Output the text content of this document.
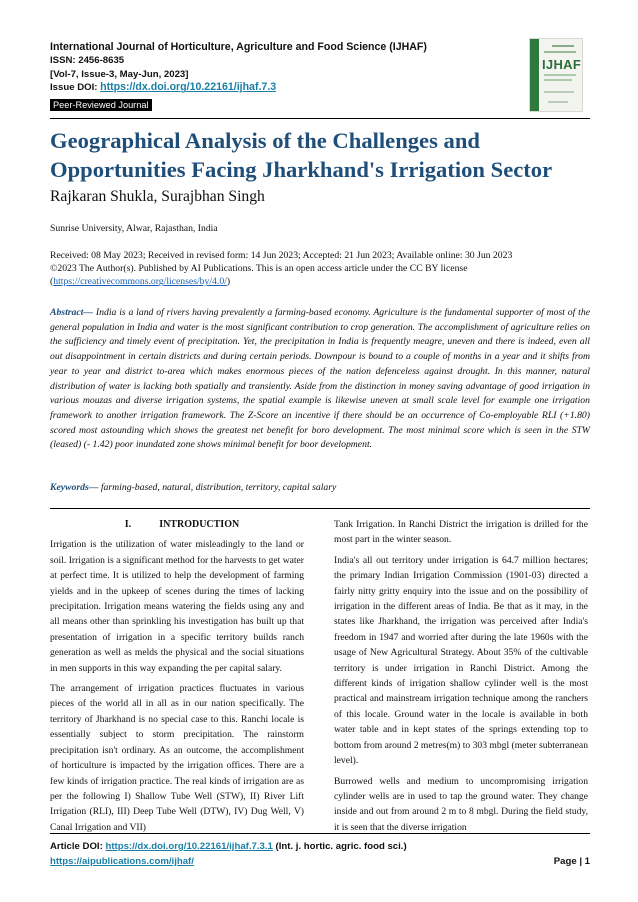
International Journal of Horticulture, Agriculture and Food Science (IJHAF)
ISSN: 2456-8635
[Vol-7, Issue-3, May-Jun, 2023]
Issue DOI: https://dx.doi.org/10.22161/ijhaf.7.3
Peer-Reviewed Journal
IJHAF
Geographical Analysis of the Challenges and Opportunities Facing Jharkhand's Irrigation Sector
Rajkaran Shukla, Surajbhan Singh
Sunrise University, Alwar, Rajasthan, India
Received: 08 May 2023; Received in revised form: 14 Jun 2023; Accepted: 21 Jun 2023; Available online: 30 Jun 2023
©2023 The Author(s). Published by AI Publications. This is an open access article under the CC BY license
(https://creativecommons.org/licenses/by/4.0/)

Abstract— India is a land of rivers having prevalently a farming-based economy. Agriculture is the fundamental supporter of most of the general population in India and water is the most significant contribution to crop generation. The accomplishment of agriculture relies on the sufficiency and timely event of precipitation. Yet, the precipitation in India is frequently meagre, uneven and there is indeed, even all out disappointment in certain districts and during certain periods. Downpour is bound to a couple of months in a year and it shifts from year to year and district to-area which makes enormous pieces of the nation defenceless against drought. In this manner, natural distribution of water is lacking both spatially and transiently. Aside from the distinction in money saving advantage of good irrigation in various mouzas and diverse irrigation systems, the spatial example is likewise uneven at small scale level for example one irrigation framework to another irrigation framework. The Z-Score an incentive if there should be an occurrence of Co-employable RLI (+1.80) scored most astounding which shows the greatest net benefit for boro development. The most minimal score which is seen in the STW (leased) (- 1.42) poor inundated zone shows minimal benefit for boor development.

Keywords— farming-based, natural, distribution, territory, capital salary
I.	INTRODUCTION

Irrigation is the utilization of water misleadingly to the land or soil. Irrigation is a significant method for the harvests to get water at perfect time. It is utilized to help the development of farming yields and in the upkeep of scenes during the times of lacking precipitation. Irrigation means watering the fields using any and all means other than sprinkling his investigation has built up that presentation of irrigation in a specific territory builds ranch generation as well as melds the physical and the social situations in men supports in this way expanding the per capital salary.

The arrangement of irrigation practices fluctuates in various pieces of the world all in all as in our nation specifically. The territory of Jharkhand is no special case to this. Ranchi locale is essentially subject to storm precipitation. The rainstorm precipitation isn't ordinary. As an outcome, the accomplishment of horticulture is impacted by the irrigation offices. There are a few kinds of irrigation practice. The real kinds of irrigation are as per the following I) Shallow Tube Well (STW), II) River Lift Irrigation (RLI), III) Deep Tube Well (DTW), IV) Dug Well, V) Canal Irrigation and VII)

Tank Irrigation. In Ranchi District the irrigation is drilled for the most part in the winter season.

India's all out territory under irrigation is 64.7 million hectares; the primary Indian Irrigation Commission (1901-03) directed a fairly nitty gritty enquiry into the issue and on the possibility of irrigation in the different areas of India. Be that as it may, in the states like Jharkhand, the irrigation was perceived after India's freedom in 1947 and worried after during the late 1960s with the usage of New Agricultural Strategy. About 35% of the cultivable territory is under irrigation in Ranchi District. Among the different kinds of irrigation shallow cylinder well is the most practical and mainstream irrigation technique among the ranchers of this locale. Ground water in the locale is available in both water table and in kept states of the springs extending top to bottom from around 2 metres(m) to 303 mbgl (meter subterranean level).

Burrowed wells and medium to uncompromising irrigation cylinder wells are in used to tap the ground water. They change inside and out from around 2 m to 8 mbgl. During the field study, it is seen that the diverse irrigation

Article DOI: https://dx.doi.org/10.22161/ijhaf.7.3.1 (Int. j. hortic. agric. food sci.)
https://aipublications.com/ijhaf/	Page | 1
